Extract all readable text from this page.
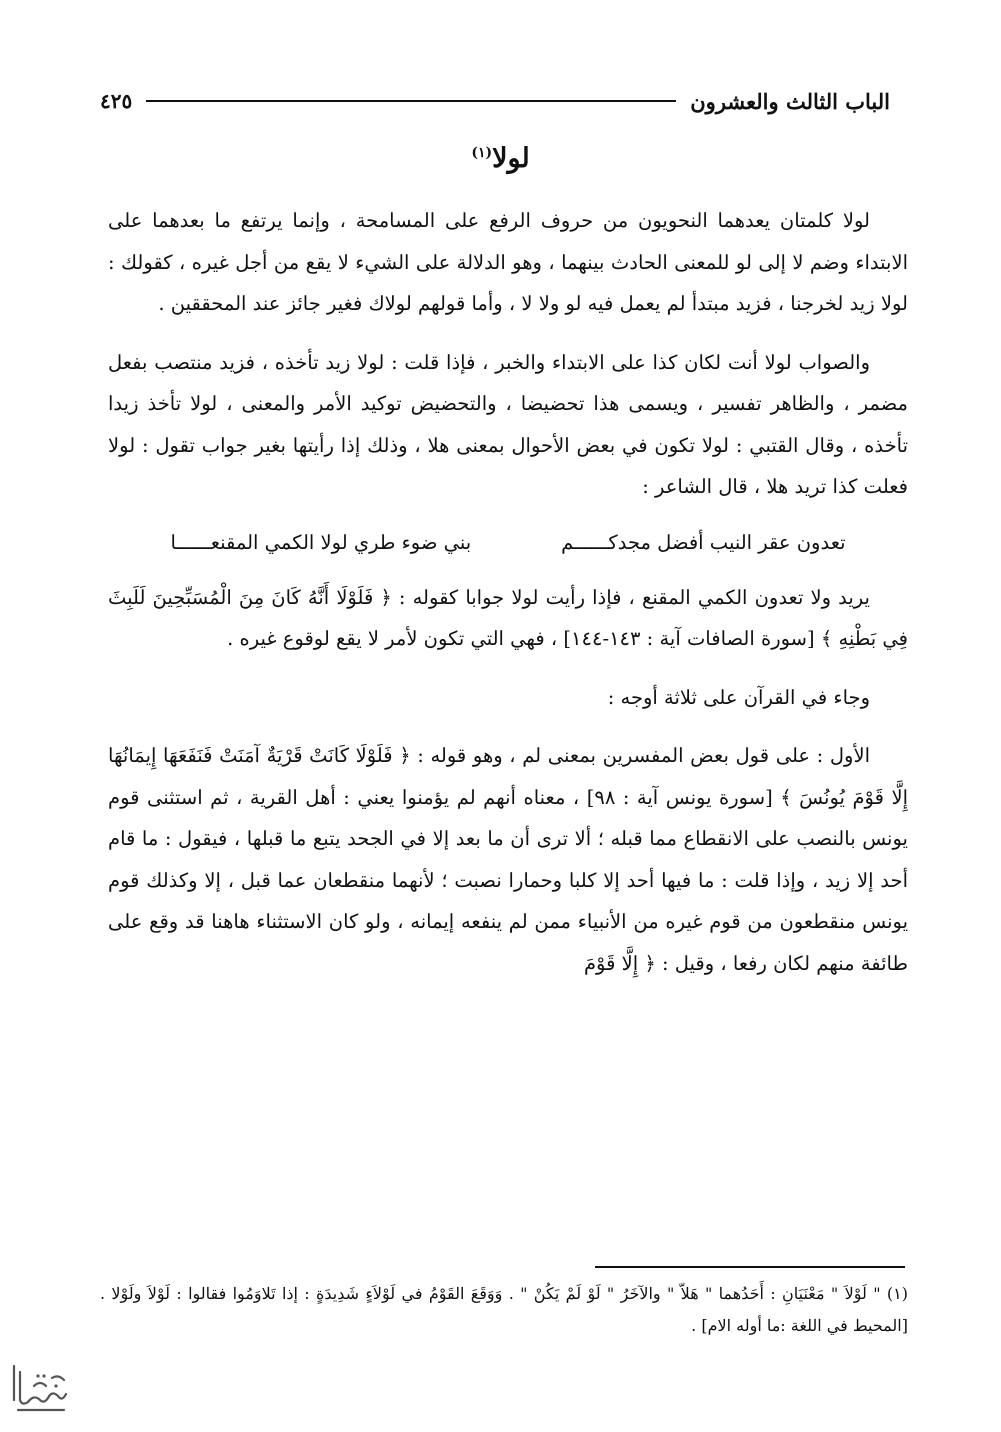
الباب الثالث والعشرون
٤٢٥
لولا$^{(١)}$

لولا كلمتان يعدهما النحويون من حروف الرفع على المسامحة ، وإنما يرتفع ما بعدهما على الابتداء وضم لا إلى لو للمعنى الحادث بينهما ، وهو الدلالة على الشيء لا يقع من أجل غيره ، كقولك : لولا زيد لخرجنا ، فزيد مبتدأ لم يعمل فيه لو ولا لا ، وأما قولهم لولاك فغير جائز عند المحققين .

والصواب لولا أنت لكان كذا على الابتداء والخبر ، فإذا قلت : لولا زيد تأخذه ، فزيد منتصب بفعل مضمر ، والظاهر تفسير ، ويسمى هذا تحضيضا ، والتحضيض توكيد الأمر والمعنى ، لولا تأخذ زيدا تأخذه ، وقال القتبي : لولا تكون في بعض الأحوال بمعنى هلا ، وذلك إذا رأيتها بغير جواب تقول : لولا فعلت كذا تريد هلا ، قال الشاعر :

تعدون عقر النيب أفضل مجدكــــــم
بني ضوء طري لولا الكمي المقنعــــــا

يريد ولا تعدون الكمي المقنع ، فإذا رأيت لولا جوابا كقوله : ﴿ فَلَوْلَا أَنَّهُ كَانَ مِنَ الْمُسَبِّحِينَ لَلَبِثَ فِي بَطْنِهِ ﴾ [سورة الصافات آية : ١٤٣-١٤٤] ، فهي التي تكون لأمر لا يقع لوقوع غيره .

وجاء في القرآن على ثلاثة أوجه :

الأول : على قول بعض المفسرين بمعنى لم ، وهو قوله : ﴿ فَلَوْلَا كَانَتْ قَرْيَةٌ آمَنَتْ فَنَفَعَهَا إِيمَانُهَا إِلَّا قَوْمَ يُونُسَ ﴾ [سورة يونس آية : ٩٨] ، معناه أنهم لم يؤمنوا يعني : أهل القرية ، ثم استثنى قوم يونس بالنصب على الانقطاع مما قبله ؛ ألا ترى أن ما بعد إلا في الجحد يتبع ما قبلها ، فيقول : ما قام أحد إلا زيد ، وإذا قلت : ما فيها أحد إلا كلبا وحمارا نصبت ؛ لأنهما منقطعان عما قبل ، إلا وكذلك قوم يونس منقطعون من قوم غيره من الأنبياء ممن لم ينفعه إيمانه ، ولو كان الاستثناء هاهنا قد وقع على طائفة منهم لكان رفعا ، وقيل : ﴿ إِلَّا قَوْمَ

(١) " لَوْلاَ " مَعْنَيَانِ : أَحَدُهما " هَلاّ " والآخَرُ " لَوْ لَمْ يَكُنْ " . وَوَقَعَ القَوْمُ في لَوْلاَءٍ شَدِيدَةٍ : إذا تَلاوَمُوا فقالوا : لَوْلاَ ولَوْلا . [المحيط في اللغة :ما أوله الام] .
